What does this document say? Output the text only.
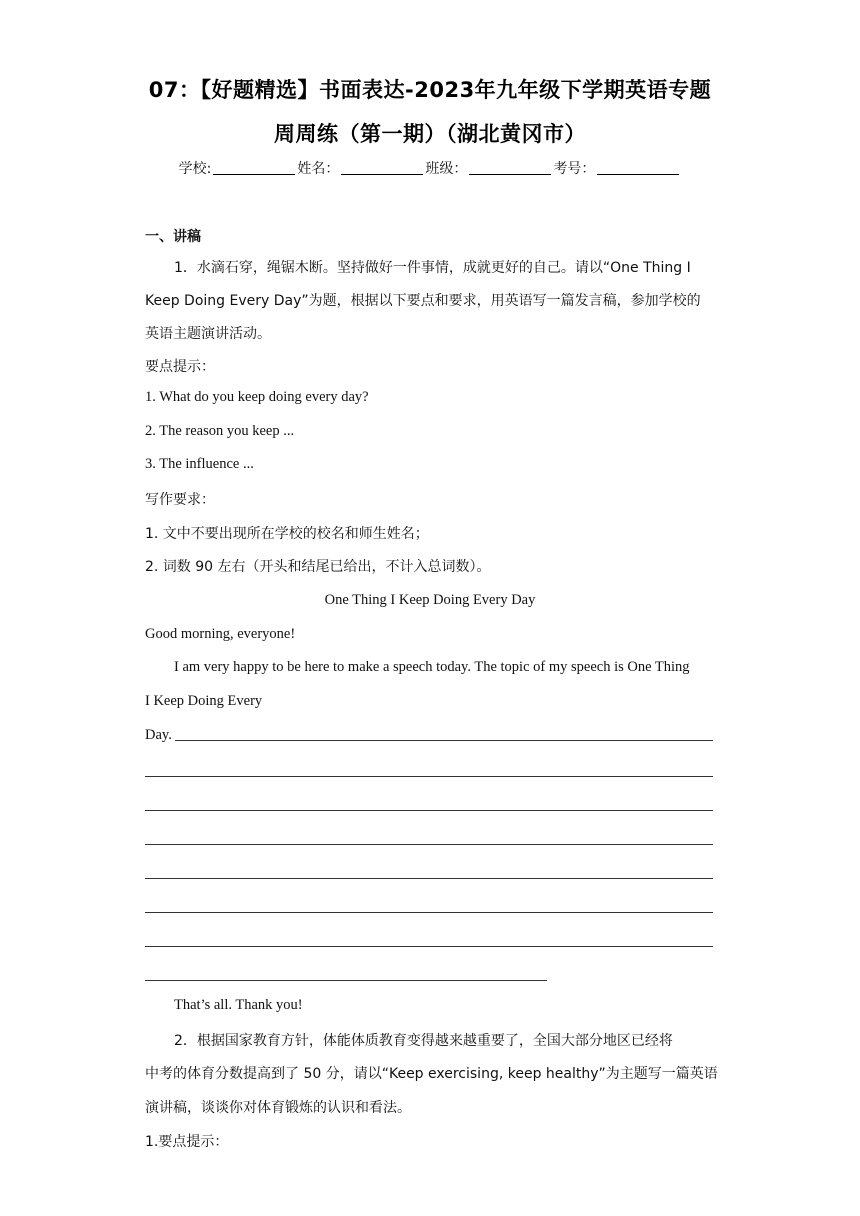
07：【好题精选】书面表达-2023年九年级下学期英语专题
周周练（第一期）（湖北黄冈市）
学校:	姓名：	班级：	考号：
一、讲稿
1．水滴石穿，绳锯木断。坚持做好一件事情，成就更好的自己。请以“One Thing I
Keep Doing Every Day”为题，根据以下要点和要求，用英语写一篇发言稿，参加学校的
英语主题演讲活动。
要点提示：
1. What do you keep doing every day?
2. The reason you keep ...
3. The influence ...
写作要求：
1. 文中不要出现所在学校的校名和师生姓名；
2. 词数 90 左右（开头和结尾已给出，不计入总词数）。
One Thing I Keep Doing Every Day
Good morning, everyone!
I am very happy to be here to make a speech today. The topic of my speech is One Thing
I Keep Doing Every
Day.
That’s all. Thank you!
2．根据国家教育方针，体能体质教育变得越来越重要了，全国大部分地区已经将
中考的体育分数提高到了 50 分，请以“Keep exercising, keep healthy”为主题写一篇英语
演讲稿，谈谈你对体育锻炼的认识和看法。
1.要点提示：
